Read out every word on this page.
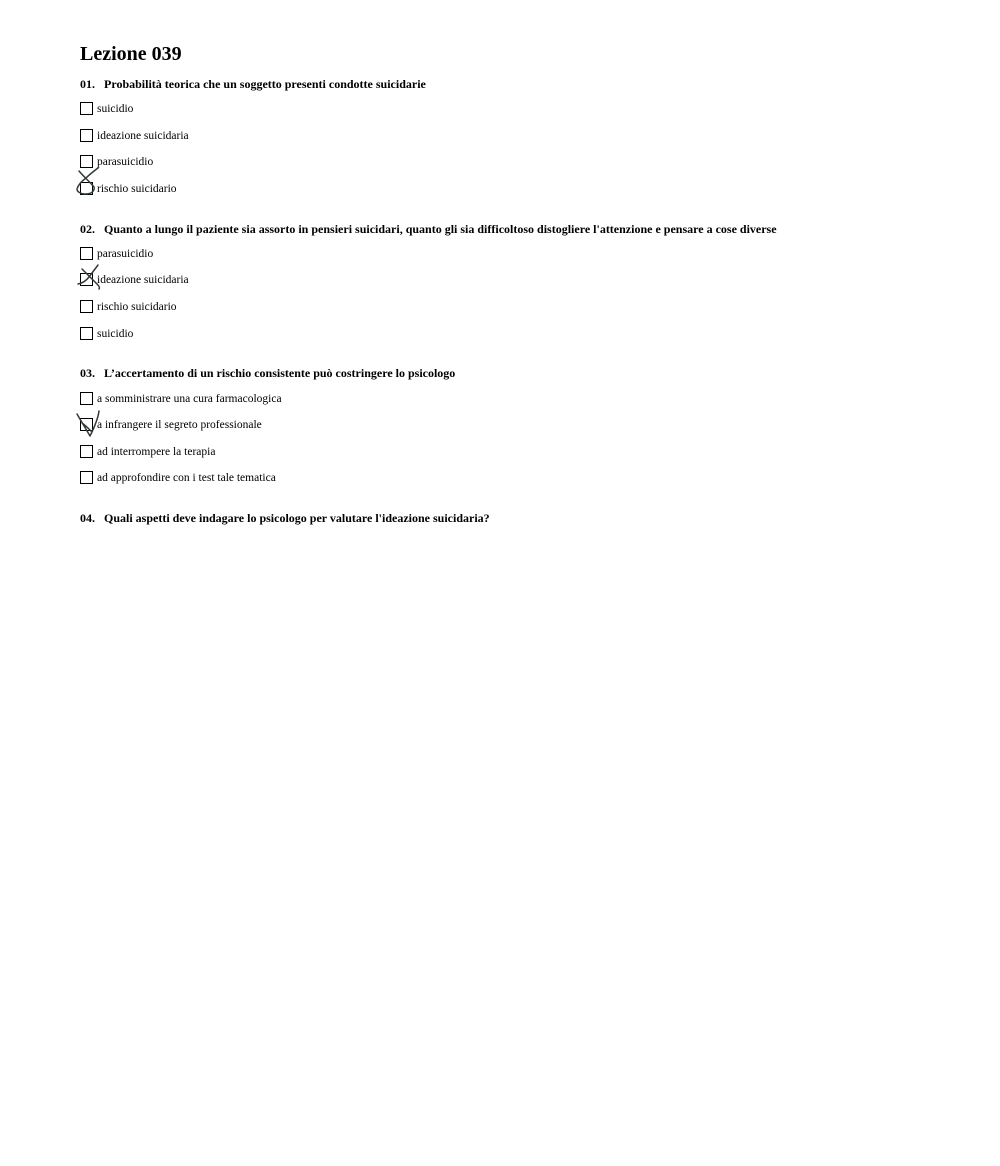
Lezione 039
01. Probabilità teorica che un soggetto presenti condotte suicidarie
suicidio
ideazione suicidaria
parasuicidio
rischio suicidario
02. Quanto a lungo il paziente sia assorto in pensieri suicidari, quanto gli sia difficoltoso distogliere l'attenzione e pensare a cose diverse
parasuicidio
ideazione suicidaria
rischio suicidario
suicidio
03. L’accertamento di un rischio consistente può costringere lo psicologo
a somministrare una cura farmacologica
a infrangere il segreto professionale
ad interrompere la terapia
ad approfondire con i test tale tematica
04. Quali aspetti deve indagare lo psicologo per valutare l'ideazione suicidaria?
